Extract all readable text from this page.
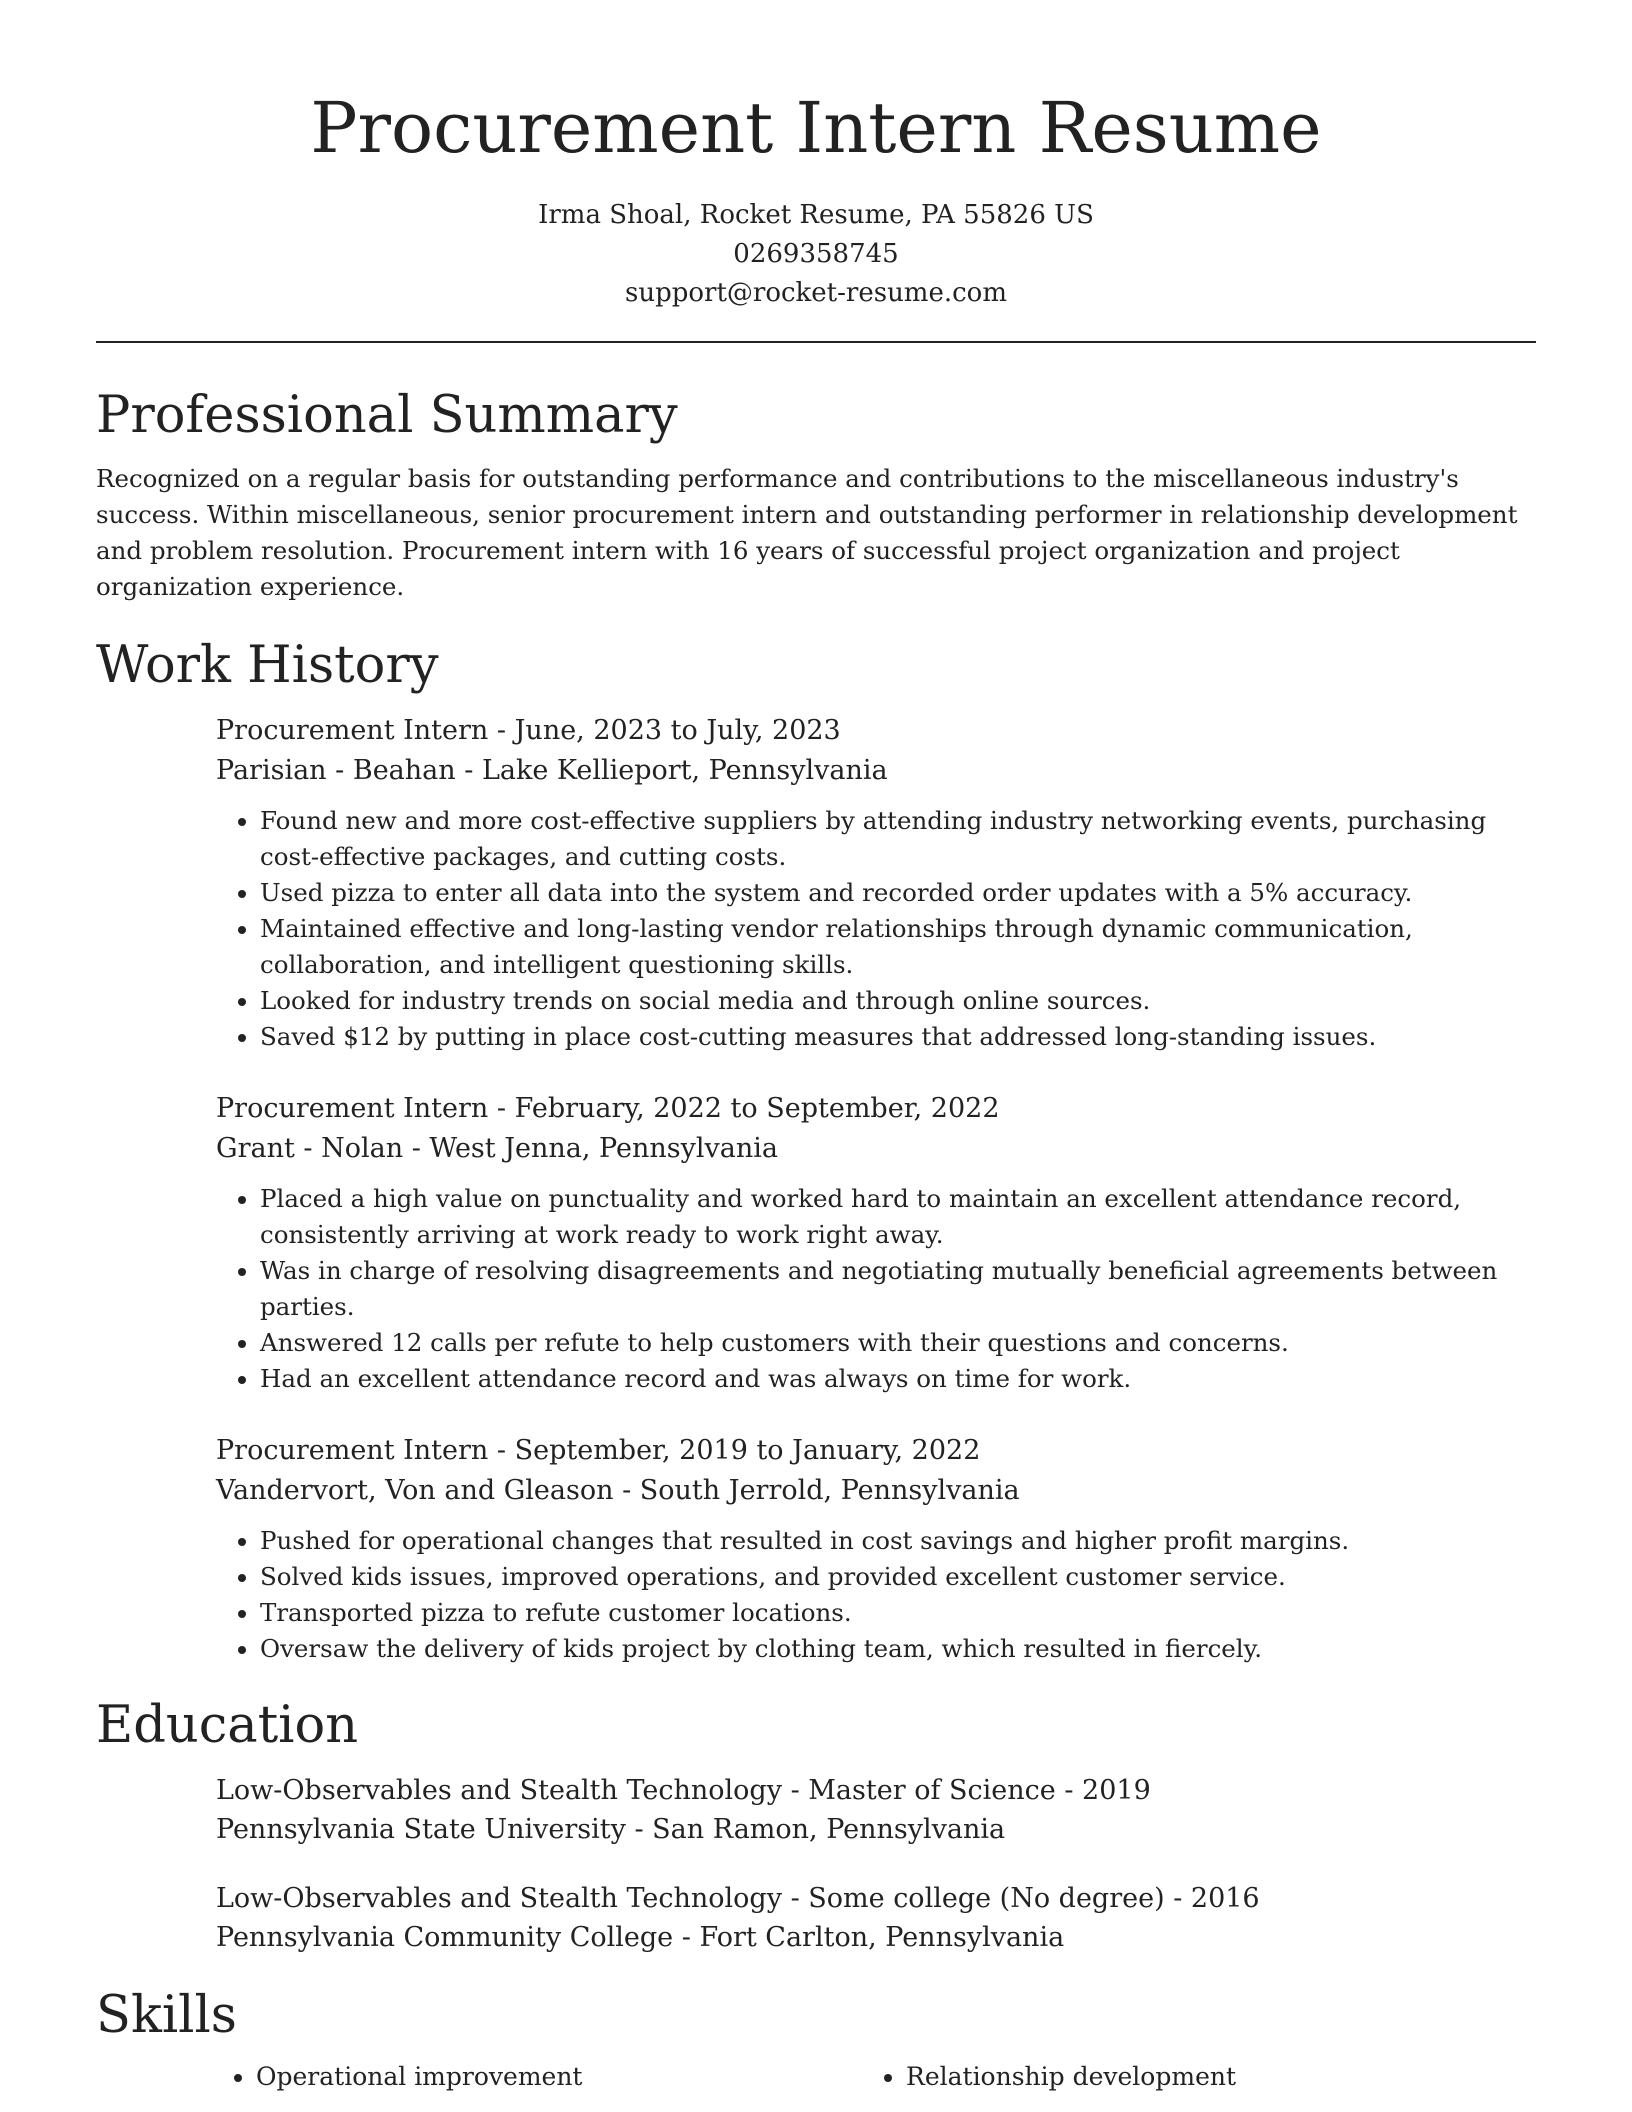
Procurement Intern Resume
Irma Shoal, Rocket Resume, PA 55826 US
0269358745
support@rocket-resume.com
Professional Summary

Recognized on a regular basis for outstanding performance and contributions to the miscellaneous industry's success. Within miscellaneous, senior procurement intern and outstanding performer in relationship development and problem resolution. Procurement intern with 16 years of successful project organization and project organization experience.

Work History
Procurement Intern - June, 2023 to July, 2023
Parisian - Beahan - Lake Kellieport, Pennsylvania
• Found new and more cost-effective suppliers by attending industry networking events, purchasing cost-effective packages, and cutting costs.
• Used pizza to enter all data into the system and recorded order updates with a 5% accuracy.
• Maintained effective and long-lasting vendor relationships through dynamic communication, collaboration, and intelligent questioning skills.
• Looked for industry trends on social media and through online sources.
• Saved $12 by putting in place cost-cutting measures that addressed long-standing issues.
Procurement Intern - February, 2022 to September, 2022
Grant - Nolan - West Jenna, Pennsylvania
• Placed a high value on punctuality and worked hard to maintain an excellent attendance record, consistently arriving at work ready to work right away.
• Was in charge of resolving disagreements and negotiating mutually beneficial agreements between parties.
• Answered 12 calls per refute to help customers with their questions and concerns.
• Had an excellent attendance record and was always on time for work.
Procurement Intern - September, 2019 to January, 2022
Vandervort, Von and Gleason - South Jerrold, Pennsylvania
• Pushed for operational changes that resulted in cost savings and higher profit margins.
• Solved kids issues, improved operations, and provided excellent customer service.
• Transported pizza to refute customer locations.
• Oversaw the delivery of kids project by clothing team, which resulted in fiercely.
Education
Low-Observables and Stealth Technology - Master of Science - 2019
Pennsylvania State University - San Ramon, Pennsylvania
Low-Observables and Stealth Technology - Some college (No degree) - 2016
Pennsylvania Community College - Fort Carlton, Pennsylvania
Skills
• Operational improvement
•	Relationship development
